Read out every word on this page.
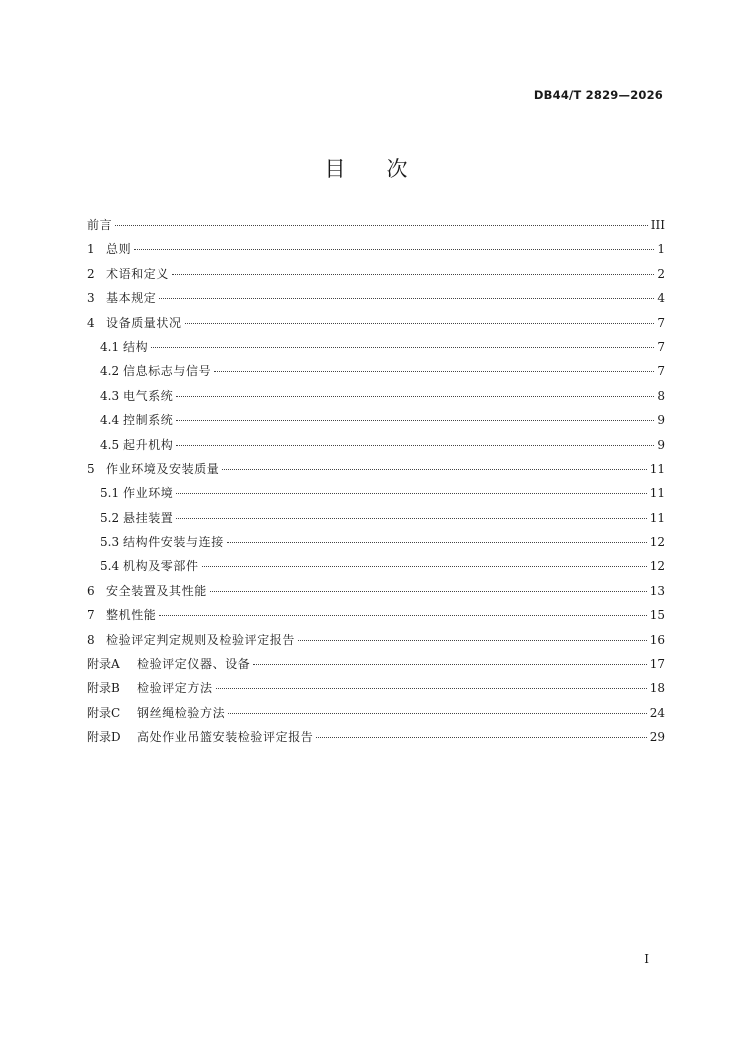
DB44/T 2829—2026
目 次
前言	III
1 总则	1
2 术语和定义	2
3 基本规定	4
4 设备质量状况	7
4.1 结构	7
4.2 信息标志与信号	7
4.3 电气系统	8
4.4 控制系统	9
4.5 起升机构	9
5 作业环境及安装质量	11
5.1 作业环境	11
5.2 悬挂装置	11
5.3 结构件安装与连接	12
5.4 机构及零部件	12
6 安全装置及其性能	13
7 整机性能	15
8 检验评定判定规则及检验评定报告	16
附录A	检验评定仪器、设备	17
附录B	检验评定方法	18
附录C	钢丝绳检验方法	24
附录D	高处作业吊篮安装检验评定报告	29
I
